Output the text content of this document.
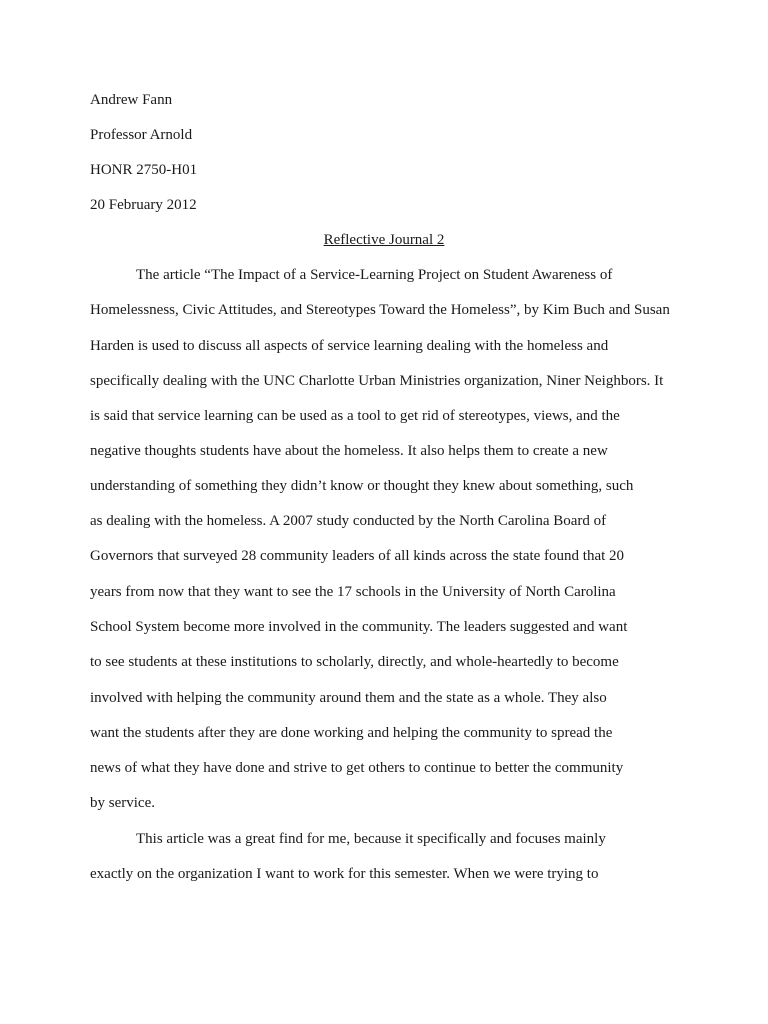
Andrew Fann
Professor Arnold
HONR 2750-H01
20 February 2012
Reflective Journal 2
The article “The Impact of a Service-Learning Project on Student Awareness of
Homelessness, Civic Attitudes, and Stereotypes Toward the Homeless”, by Kim Buch and Susan
Harden is used to discuss all aspects of service learning dealing with the homeless and
specifically dealing with the UNC Charlotte Urban Ministries organization, Niner Neighbors. It
is said that service learning can be used as a tool to get rid of stereotypes, views, and the
negative thoughts students have about the homeless. It also helps them to create a new
understanding of something they didn’t know or thought they knew about something, such
as dealing with the homeless. A 2007 study conducted by the North Carolina Board of
Governors that surveyed 28 community leaders of all kinds across the state found that 20
years from now that they want to see the 17 schools in the University of North Carolina
School System become more involved in the community. The leaders suggested and want
to see students at these institutions to scholarly, directly, and whole-heartedly to become
involved with helping the community around them and the state as a whole. They also
want the students after they are done working and helping the community to spread the
news of what they have done and strive to get others to continue to better the community
by service.
This article was a great find for me, because it specifically and focuses mainly
exactly on the organization I want to work for this semester. When we were trying to
